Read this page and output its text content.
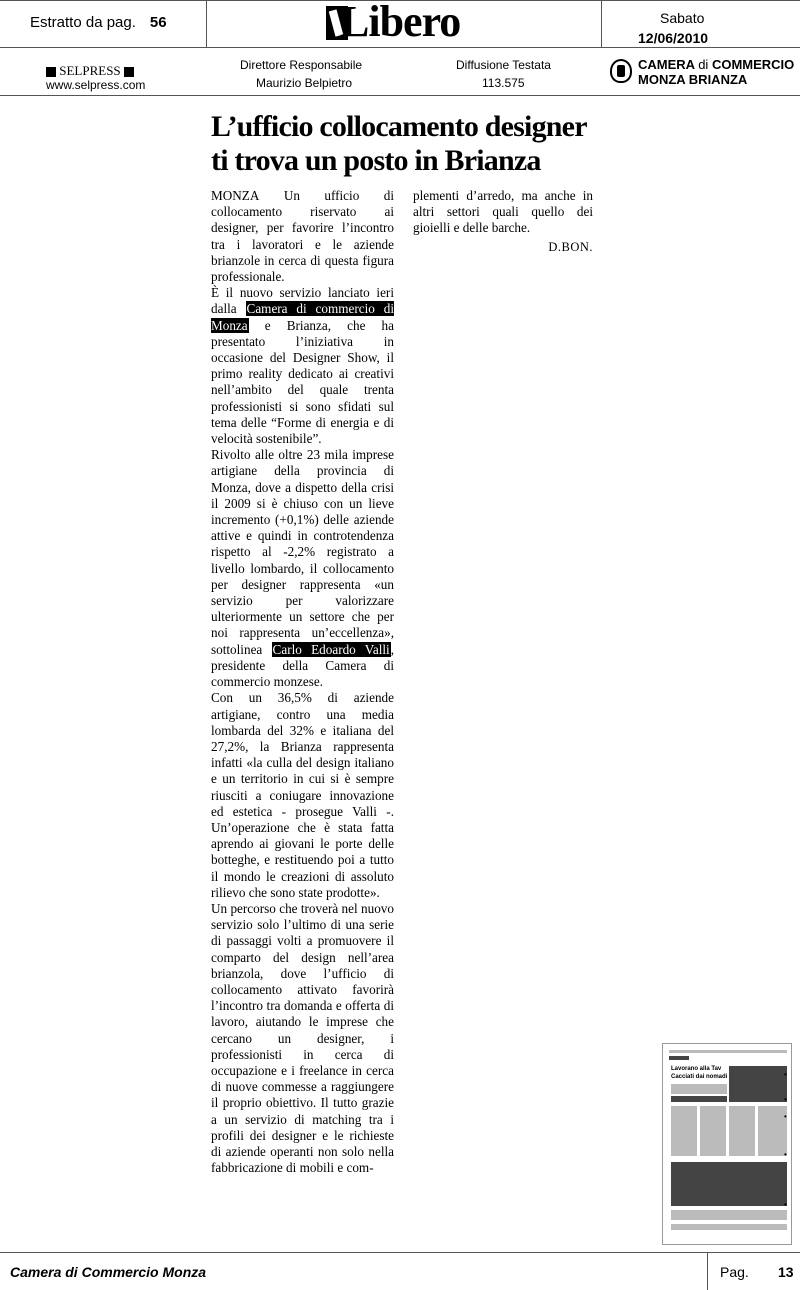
Estratto da pag. 56	Libero	Sabato
12/06/2010
SELPRESS
www.selpress.com
Direttore Responsabile
Maurizio Belpietro
Diffusione Testata
113.575
CAMERA di COMMERCIO
MONZA BRIANZA
L’ufficio collocamento designer
ti trova un posto in Brianza

MONZA Un ufficio di collocamento riservato ai designer, per favorire l’incontro tra i lavoratori e le aziende brianzole in cerca di questa figura professionale.

È il nuovo servizio lanciato ieri dalla Camera di commercio di Monza e Brianza, che ha presentato l’iniziativa in occasione del Designer Show, il primo reality dedicato ai creativi nell’ambito del quale trenta professionisti si sono sfidati sul tema delle “Forme di energia e di velocità sostenibile”.

Rivolto alle oltre 23 mila imprese artigiane della provincia di Monza, dove a dispetto della crisi il 2009 si è chiuso con un lieve incremento (+0,1%) delle aziende attive e quindi in controtendenza rispetto al -2,2% registrato a livello lombardo, il collocamento per designer rappresenta «un servizio per valorizzare ulteriormente un settore che per noi rappresenta un’eccellenza», sottolinea Carlo Edoardo Valli, presidente della Camera di commercio monzese.

Con un 36,5% di aziende artigiane, contro una media lombarda del 32% e italiana del 27,2%, la Brianza rappresenta infatti «la culla del design italiano e un territorio in cui si è sempre riusciti a coniugare innovazione ed estetica - prosegue Valli -. Un’operazione che è stata fatta aprendo ai giovani le porte delle botteghe, e restituendo poi a tutto il mondo le creazioni di assoluto rilievo che sono state prodotte».

Un percorso che troverà nel nuovo servizio solo l’ultimo di una serie di passaggi volti a promuovere il comparto del design nell’area brianzola, dove l’ufficio di collocamento attivato favorirà l’incontro tra domanda e offerta di lavoro, aiutando le imprese che cercano un designer, i professionisti in cerca di occupazione e i freelance in cerca di nuove commesse a raggiungere il proprio obiettivo. Il tutto grazie a un servizio di matching tra i profili dei designer e le richieste di aziende operanti non solo nella fabbricazione di mobili e com-

plementi d’arredo, ma anche in altri settori quali quello dei gioielli e delle barche.

D.BON.
Lavorano alla Tav
Cacciati dai nomadi	•
•
•
•
•
Camera di Commercio Monza	Pag. 13
